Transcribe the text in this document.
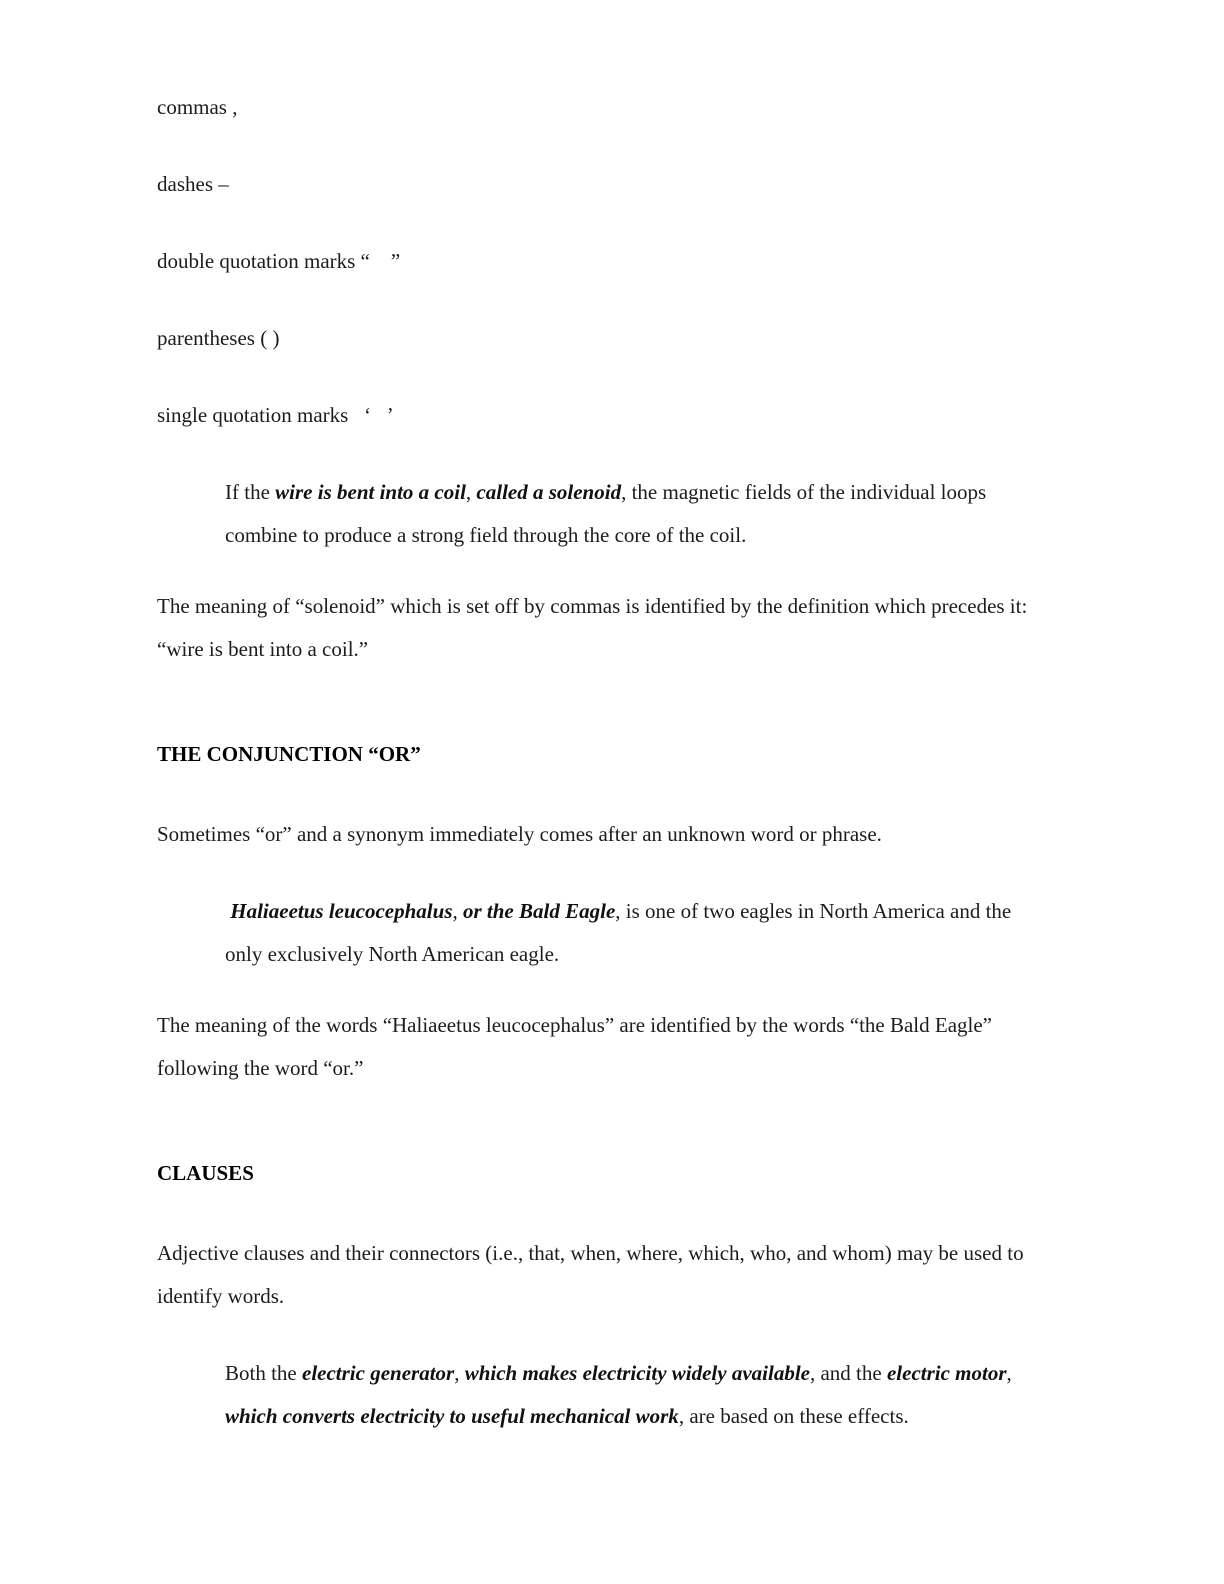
commas ,

dashes –

double quotation marks “    ”

parentheses ( )

single quotation marks   ‘   ’

If the wire is bent into a coil, called a solenoid, the magnetic fields of the individual loops combine to produce a strong field through the core of the coil.

The meaning of “solenoid” which is set off by commas is identified by the definition which precedes it: “wire is bent into a coil.”

THE CONJUNCTION “OR”

Sometimes “or” and a synonym immediately comes after an unknown word or phrase.

Haliaeetus leucocephalus, or the Bald Eagle, is one of two eagles in North America and the only exclusively North American eagle.

The meaning of the words “Haliaeetus leucocephalus” are identified by the words “the Bald Eagle” following the word “or.”

CLAUSES

Adjective clauses and their connectors (i.e., that, when, where, which, who, and whom) may be used to identify words.

Both the electric generator, which makes electricity widely available, and the electric motor, which converts electricity to useful mechanical work, are based on these effects.
